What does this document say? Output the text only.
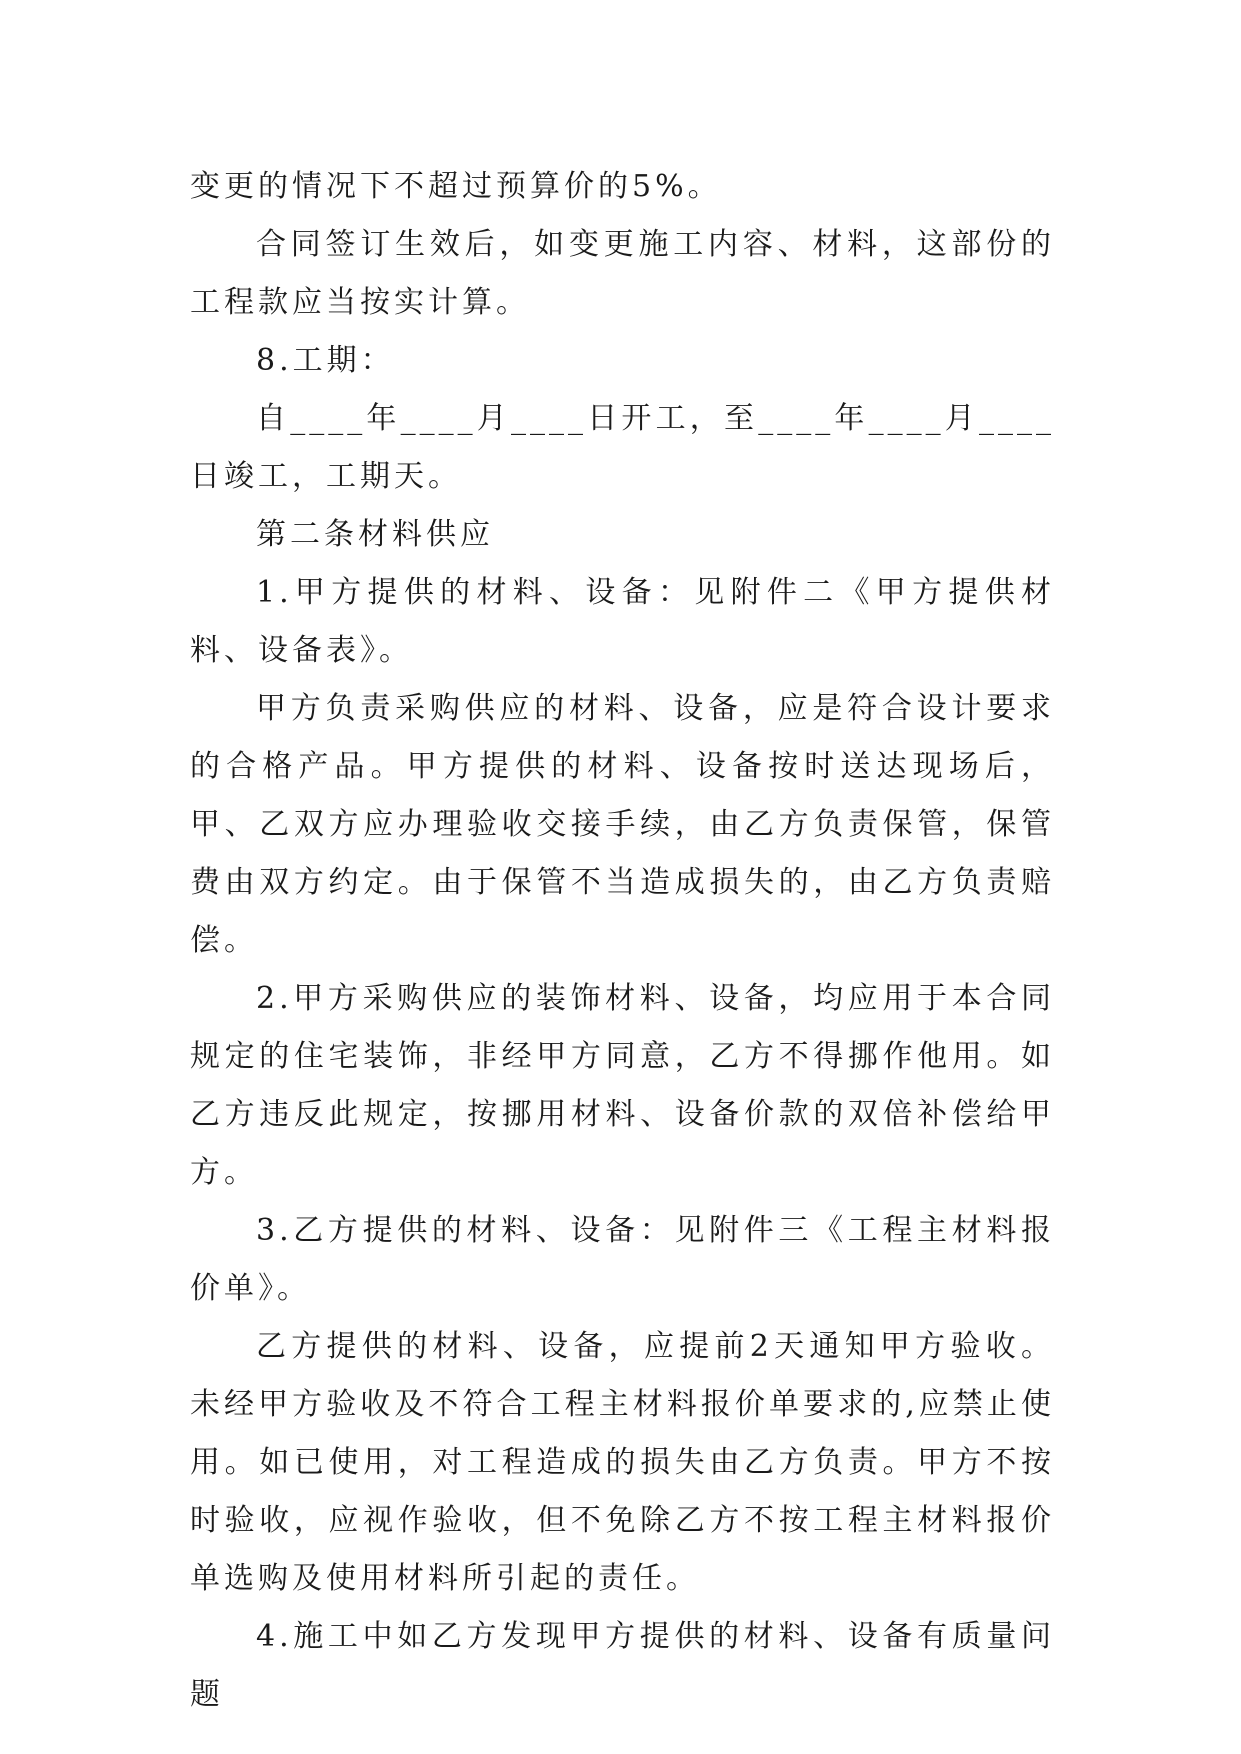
变更的情况下不超过预算价的5%。

合同签订生效后，如变更施工内容、材料，这部份的工程款应当按实计算。

8.工期：

自____年____月____日开工，至____年____月____日竣工，工期天。

第二条材料供应

1.甲方提供的材料、设备：见附件二《甲方提供材料、设备表》。

甲方负责采购供应的材料、设备，应是符合设计要求的合格产品。甲方提供的材料、设备按时送达现场后，甲、乙双方应办理验收交接手续，由乙方负责保管，保管费由双方约定。由于保管不当造成损失的，由乙方负责赔偿。

2.甲方采购供应的装饰材料、设备，均应用于本合同规定的住宅装饰，非经甲方同意，乙方不得挪作他用。如乙方违反此规定，按挪用材料、设备价款的双倍补偿给甲方。

3.乙方提供的材料、设备：见附件三《工程主材料报价单》。

乙方提供的材料、设备，应提前2天通知甲方验收。未经甲方验收及不符合工程主材料报价单要求的,应禁止使用。如已使用，对工程造成的损失由乙方负责。甲方不按时验收，应视作验收，但不免除乙方不按工程主材料报价单选购及使用材料所引起的责任。

4.施工中如乙方发现甲方提供的材料、设备有质量问题
